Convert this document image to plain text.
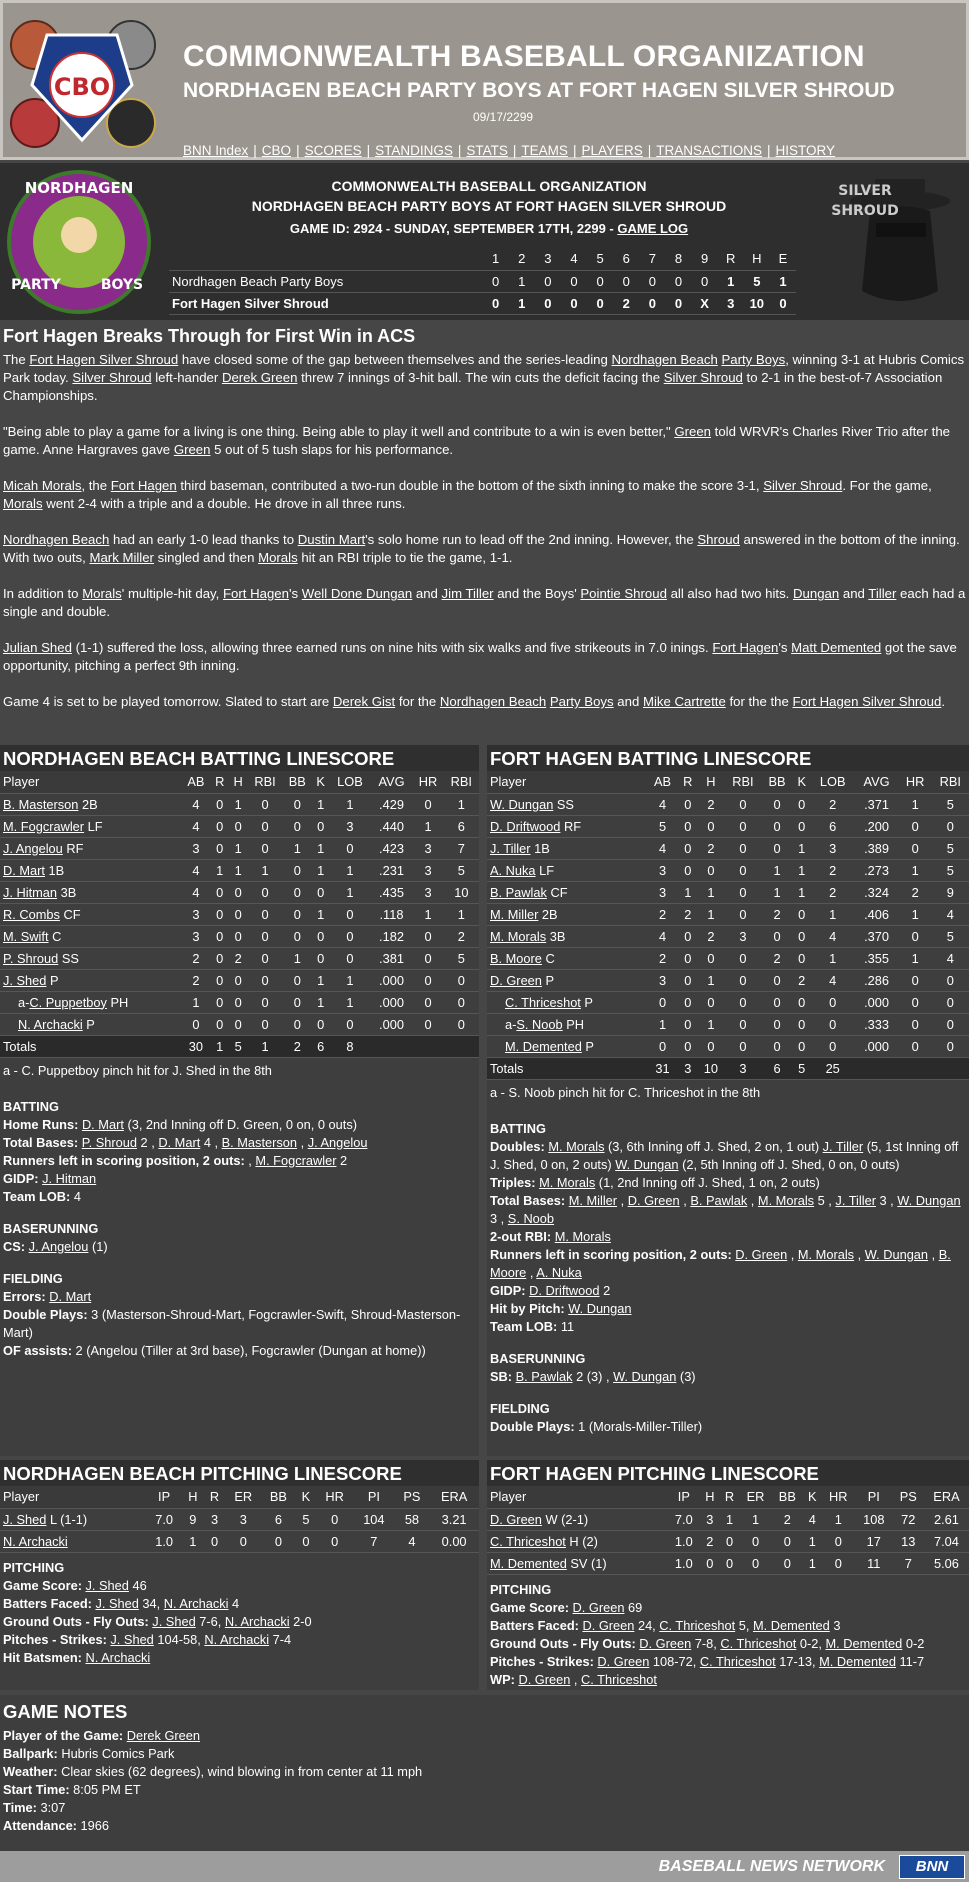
CBO
COMMONWEALTH BASEBALL ORGANIZATION
NORDHAGEN BEACH PARTY BOYS AT FORT HAGEN SILVER SHROUD
09/17/2299
BNN Index | CBO | SCORES | STANDINGS | STATS | TEAMS | PLAYERS | TRANSACTIONS | HISTORY
NORDHAGEN
PARTY	BOYS
COMMONWEALTH BASEBALL ORGANIZATION
NORDHAGEN BEACH PARTY BOYS AT FORT HAGEN SILVER SHROUD
GAME ID: 2924 - SUNDAY, SEPTEMBER 17TH, 2299 - GAME LOG
	1	2	3	4	5	6	7	8	9	R	H	E
Nordhagen Beach Party Boys	0	1	0	0	0	0	0	0	0	1	5	1
Fort Hagen Silver Shroud	0	1	0	0	0	2	0	0	X	3	10	0
SILVER
SHROUD
Fort Hagen Breaks Through for First Win in ACS

The Fort Hagen Silver Shroud have closed some of the gap between themselves and the series-leading Nordhagen Beach Party Boys, winning 3-1 at Hubris Comics Park today. Silver Shroud left-hander Derek Green threw 7 innings of 3-hit ball. The win cuts the deficit facing the Silver Shroud to 2-1 in the best-of-7 Association Championships.

"Being able to play a game for a living is one thing. Being able to play it well and contribute to a win is even better," Green told WRVR's Charles River Trio after the game. Anne Hargraves gave Green 5 out of 5 tush slaps for his performance.

Micah Morals, the Fort Hagen third baseman, contributed a two-run double in the bottom of the sixth inning to make the score 3-1, Silver Shroud. For the game, Morals went 2-4 with a triple and a double. He drove in all three runs.

Nordhagen Beach had an early 1-0 lead thanks to Dustin Mart's solo home run to lead off the 2nd inning. However, the Shroud answered in the bottom of the inning. With two outs, Mark Miller singled and then Morals hit an RBI triple to tie the game, 1-1.

In addition to Morals' multiple-hit day, Fort Hagen's Well Done Dungan and Jim Tiller and the Boys' Pointie Shroud all also had two hits. Dungan and Tiller each had a single and double.

Julian Shed (1-1) suffered the loss, allowing three earned runs on nine hits with six walks and five strikeouts in 7.0 inings. Fort Hagen's Matt Demented got the save opportunity, pitching a perfect 9th inning.

Game 4 is set to be played tomorrow. Slated to start are Derek Gist for the Nordhagen Beach Party Boys and Mike Cartrette for the the Fort Hagen Silver Shroud.

NORDHAGEN BEACH BATTING LINESCORE
Player	AB	R	H	RBI	BB	K	LOB	AVG	HR	RBI
B. Masterson 2B	4	0	1	0	0	1	1	.429	0	1
M. Fogcrawler LF	4	0	0	0	0	0	3	.440	1	6
J. Angelou RF	3	0	1	0	1	1	0	.423	3	7
D. Mart 1B	4	1	1	1	0	1	1	.231	3	5
J. Hitman 3B	4	0	0	0	0	0	1	.435	3	10
R. Combs CF	3	0	0	0	0	1	0	.118	1	1
M. Swift C	3	0	0	0	0	0	0	.182	0	2
P. Shroud SS	2	0	2	0	1	0	0	.381	0	5
J. Shed P	2	0	0	0	0	1	1	.000	0	0
a-C. Puppetboy PH	1	0	0	0	0	1	1	.000	0	0
N. Archacki P	0	0	0	0	0	0	0	.000	0	0
Totals	30	1	5	1	2	6	8			
a - C. Puppetboy pinch hit for J. Shed in the 8th
BATTING
Home Runs: D. Mart (3, 2nd Inning off D. Green, 0 on, 0 outs)
Total Bases: P. Shroud 2 , D. Mart 4 , B. Masterson , J. Angelou
Runners left in scoring position, 2 outs: , M. Fogcrawler 2
GIDP: J. Hitman
Team LOB: 4
BASERUNNING
CS: J. Angelou (1)
FIELDING
Errors: D. Mart
Double Plays: 3 (Masterson-Shroud-Mart, Fogcrawler-Swift, Shroud-Masterson-Mart)
OF assists: 2 (Angelou (Tiller at 3rd base), Fogcrawler (Dungan at home))
FORT HAGEN BATTING LINESCORE
Player	AB	R	H	RBI	BB	K	LOB	AVG	HR	RBI
W. Dungan SS	4	0	2	0	0	0	2	.371	1	5
D. Driftwood RF	5	0	0	0	0	0	6	.200	0	0
J. Tiller 1B	4	0	2	0	0	1	3	.389	0	5
A. Nuka LF	3	0	0	0	1	1	2	.273	1	5
B. Pawlak CF	3	1	1	0	1	1	2	.324	2	9
M. Miller 2B	2	2	1	0	2	0	1	.406	1	4
M. Morals 3B	4	0	2	3	0	0	4	.370	0	5
B. Moore C	2	0	0	0	2	0	1	.355	1	4
D. Green P	3	0	1	0	0	2	4	.286	0	0
C. Thriceshot P	0	0	0	0	0	0	0	.000	0	0
a-S. Noob PH	1	0	1	0	0	0	0	.333	0	0
M. Demented P	0	0	0	0	0	0	0	.000	0	0
Totals	31	3	10	3	6	5	25			
a - S. Noob pinch hit for C. Thriceshot in the 8th
BATTING
Doubles: M. Morals (3, 6th Inning off J. Shed, 2 on, 1 out) J. Tiller (5, 1st Inning off J. Shed, 0 on, 2 outs) W. Dungan (2, 5th Inning off J. Shed, 0 on, 0 outs)
Triples: M. Morals (1, 2nd Inning off J. Shed, 1 on, 2 outs)
Total Bases: M. Miller , D. Green , B. Pawlak , M. Morals 5 , J. Tiller 3 , W. Dungan 3 , S. Noob
2-out RBI: M. Morals
Runners left in scoring position, 2 outs: D. Green , M. Morals , W. Dungan , B. Moore , A. Nuka
GIDP: D. Driftwood 2
Hit by Pitch: W. Dungan
Team LOB: 11
BASERUNNING
SB: B. Pawlak 2 (3) , W. Dungan (3)
FIELDING
Double Plays: 1 (Morals-Miller-Tiller)
NORDHAGEN BEACH PITCHING LINESCORE
Player	IP	H	R	ER	BB	K	HR	PI	PS	ERA
J. Shed L (1-1)	7.0	9	3	3	6	5	0	104	58	3.21
N. Archacki	1.0	1	0	0	0	0	0	7	4	0.00
PITCHING
Game Score: J. Shed 46
Batters Faced: J. Shed 34, N. Archacki 4
Ground Outs - Fly Outs: J. Shed 7-6, N. Archacki 2-0
Pitches - Strikes: J. Shed 104-58, N. Archacki 7-4
Hit Batsmen: N. Archacki
FORT HAGEN PITCHING LINESCORE
Player	IP	H	R	ER	BB	K	HR	PI	PS	ERA
D. Green W (2-1)	7.0	3	1	1	2	4	1	108	72	2.61
C. Thriceshot H (2)	1.0	2	0	0	0	1	0	17	13	7.04
M. Demented SV (1)	1.0	0	0	0	0	1	0	11	7	5.06
PITCHING
Game Score: D. Green 69
Batters Faced: D. Green 24, C. Thriceshot 5, M. Demented 3
Ground Outs - Fly Outs: D. Green 7-8, C. Thriceshot 0-2, M. Demented 0-2
Pitches - Strikes: D. Green 108-72, C. Thriceshot 17-13, M. Demented 11-7
WP: D. Green , C. Thriceshot
GAME NOTES
Player of the Game: Derek Green
Ballpark: Hubris Comics Park
Weather: Clear skies (62 degrees), wind blowing in from center at 11 mph
Start Time: 8:05 PM ET
Time: 3:07
Attendance: 1966
BASEBALL NEWS NETWORK	BNN
